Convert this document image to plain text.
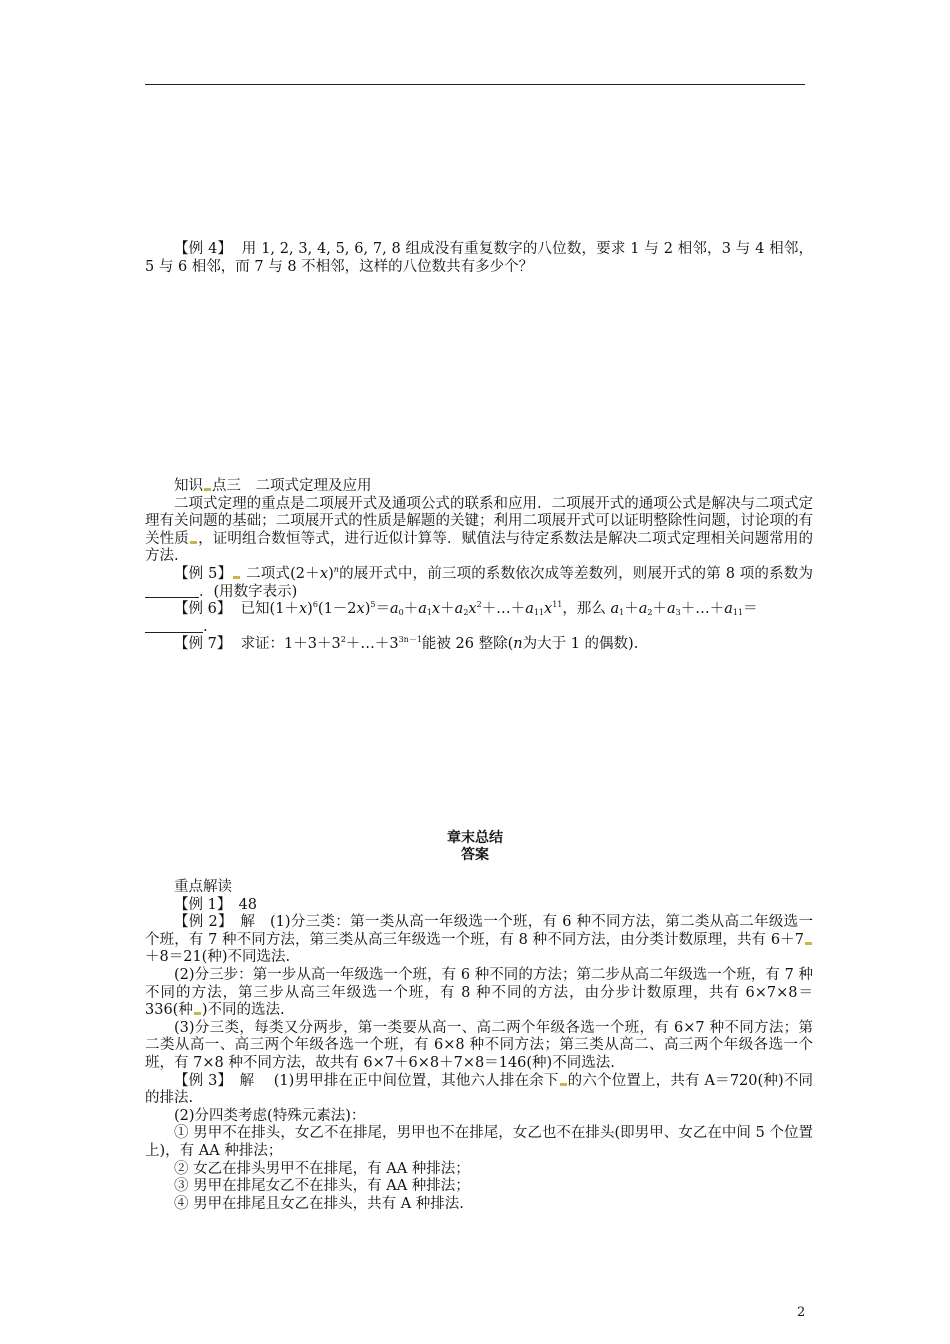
【例 4】 用 1, 2, 3, 4, 5, 6, 7, 8 组成没有重复数字的八位数，要求 1 与 2 相邻，3 与 4 相邻，5 与 6 相邻，而 7 与 8 不相邻，这样的八位数共有多少个？

知识 点三　二项式定理及应用

二项式定理的重点是二项展开式及通项公式的联系和应用．二项展开式的通项公式是解决与二项式定理有关问题的基础；二项展开式的性质是解题的关键；利用二项展开式可以证明整除性问题，讨论项的有关性质 ，证明组合数恒等式，进行近似计算等．赋值法与待定系数法是解决二项式定理相关问题常用的方法.

【例 5】 二项式$(2+x)^n$的展开式中，前三项的系数依次成等差数列，则展开式的第 8 项的系数为．(用数字表示)

【例 6】 已知$(1+x)^6(1-2x)^5=a_0+a_1x+a_2x^2+\dots+a_{11}x^{11}$，那么 $a_1+a_2+a_3+\dots+a_{11}=$

.

【例 7】 求证：$1+3+3^2+\dots+3^{3n-1}$能被 26 整除(n为大于 1 的偶数).

章末总结
答案

重点解读

【例 1】　48

【例 2】　解　(1)分三类：第一类从高一年级选一个班，有 6 种不同方法，第二类从高二年级选一个班，有 7 种不同方法，第三类从高三年级选一个班，有 8 种不同方法，由分类计数原理，共有 6＋7＋8＝21(种)不同选法.

(2)分三步：第一步从高一年级选一个班，有 6 种不同的方法；第二步从高二年级选一个班，有 7 种不同的方法，第三步从高三年级选一个班，有 8 种不同的方法，由分步计数原理，共有 6×7×8＝336(种 )不同的选法.

(3)分三类，每类又分两步，第一类要从高一、高二两个年级各选一个班，有 6×7 种不同方法；第二类从高一、高三两个年级各选一个班，有 6×8 种不同方法；第三类从高二、高三两个年级各选一个班，有 7×8 种不同方法，故共有 6×7＋6×8＋7×8＝146(种)不同选法.

【例 3】　解　 (1)男甲排在正中间位置，其他六人排在余下 的六个位置上，共有 A＝720(种)不同的排法.

(2)分四类考虑(特殊元素法)：

① 男甲不在排头，女乙不在排尾，男甲也不在排尾，女乙也不在排头(即男甲、女乙在中间 5 个位置上)，有 AA 种排法；

② 女乙在排头男甲不在排尾，有 AA 种排法；

③ 男甲在排尾女乙不在排头，有 AA 种排法；

④ 男甲在排尾且女乙在排头，共有 A 种排法.

2
